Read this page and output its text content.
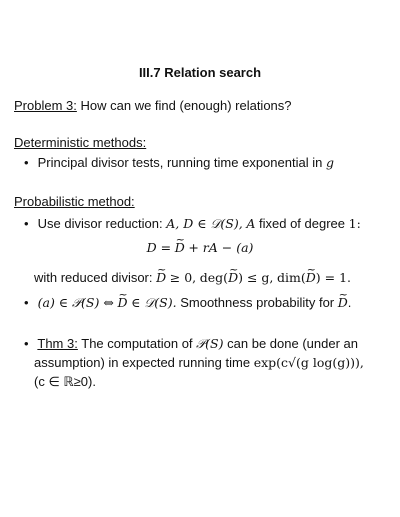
III.7 Relation search
Problem 3: How can we find (enough) relations?
Deterministic methods:
• Principal divisor tests, running time exponential in g
Probabilistic method:
• Use divisor reduction: A, D ∈ 𝒟(S), A fixed of degree 1:
D = ~ D + rA − (a)
with reduced divisor: ~ D ≥ 0, deg(~ D) ≤ g, dim(~ D) = 1.
• (a) ∈ 𝒫(S) ⇔ ~ D ∈ 𝒟(S). Smoothness probability for ~ D.
• Thm 3: The computation of 𝒫(S) can be done (under an
assumption) in expected running time exp(c√(g log(g))),
(c ∈ ℝ≥0).
